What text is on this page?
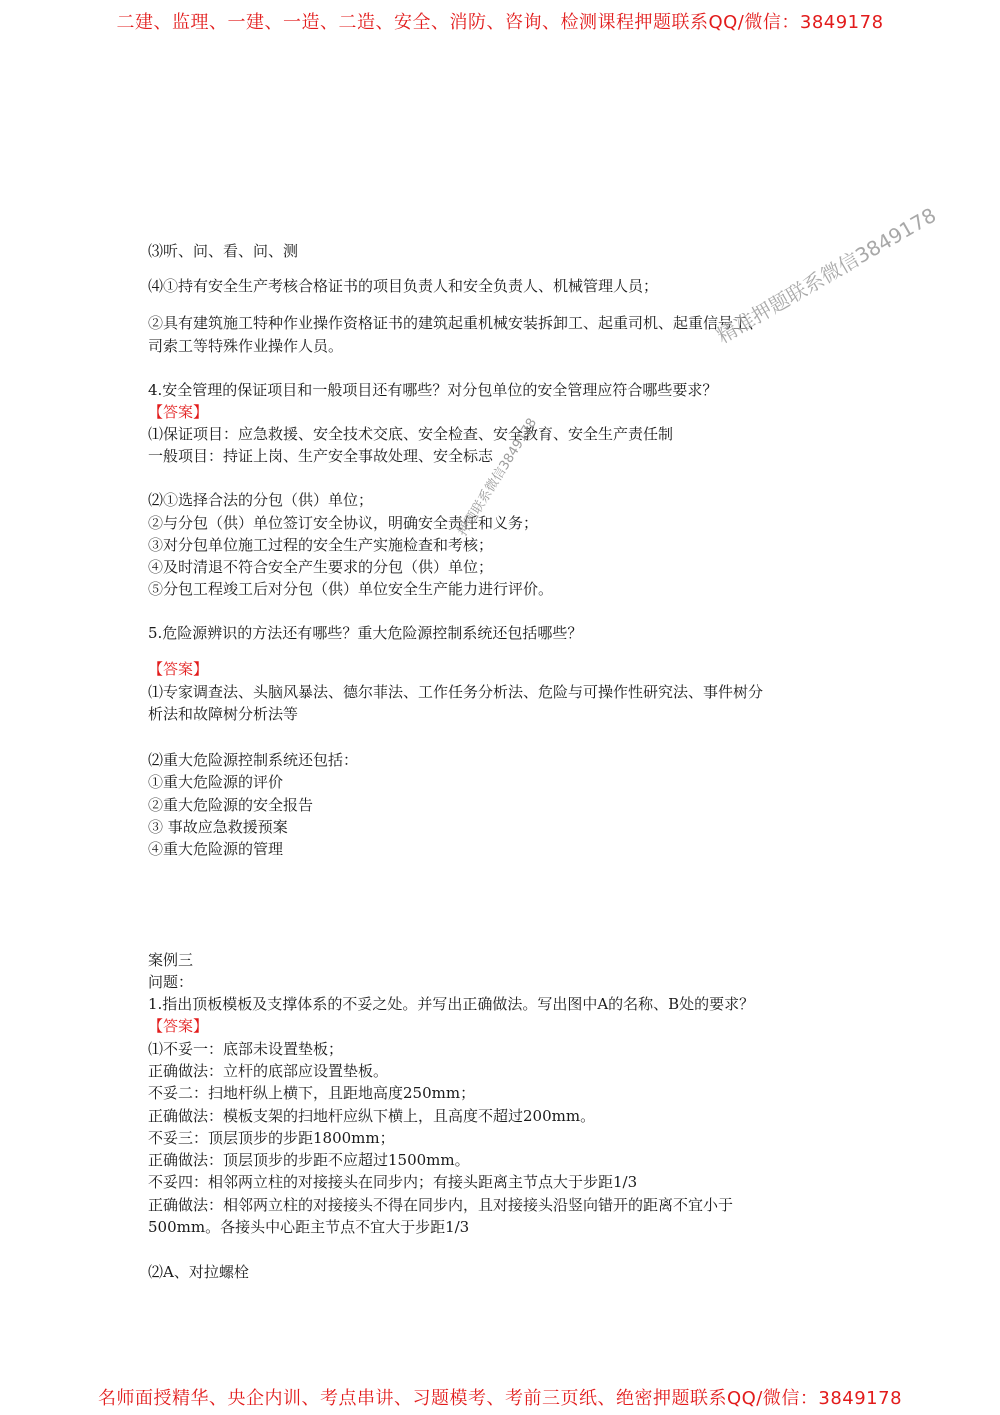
二建、监理、一建、一造、二造、安全、消防、咨询、检测课程押题联系QQ/微信：3849178
⑶听、问、看、问、测
⑷①持有安全生产考核合格证书的项目负责人和安全负责人、机械管理人员；
②具有建筑施工特种作业操作资格证书的建筑起重机械安装拆卸工、起重司机、起重信号工、
司索工等特殊作业操作人员。
4.安全管理的保证项目和一般项目还有哪些？对分包单位的安全管理应符合哪些要求？
【答案】
⑴保证项目：应急救援、安全技术交底、安全检查、安全教育、安全生产责任制
一般项目：持证上岗、生产安全事故处理、安全标志
⑵①选择合法的分包（供）单位；
②与分包（供）单位签订安全协议，明确安全责任和义务；
③对分包单位施工过程的安全生产实施检查和考核；
④及时清退不符合安全产生要求的分包（供）单位；
⑤分包工程竣工后对分包（供）单位安全生产能力进行评价。
5.危险源辨识的方法还有哪些？重大危险源控制系统还包括哪些？
【答案】
⑴专家调查法、头脑风暴法、德尔菲法、工作任务分析法、危险与可操作性研究法、事件树分
析法和故障树分析法等
⑵重大危险源控制系统还包括：
①重大危险源的评价
②重大危险源的安全报告
③ 事故应急救援预案
④重大危险源的管理
案例三
问题：
1.指出顶板模板及支撑体系的不妥之处。并写出正确做法。写出图中A的名称、B处的要求？
【答案】
⑴不妥一：底部未设置垫板；
正确做法：立杆的底部应设置垫板。
不妥二：扫地杆纵上横下，且距地高度250mm；
正确做法：模板支架的扫地杆应纵下横上，且高度不超过200mm。
不妥三：顶层顶步的步距1800mm；
正确做法：顶层顶步的步距不应超过1500mm。
不妥四：相邻两立柱的对接接头在同步内；有接头距离主节点大于步距1/3
正确做法：相邻两立柱的对接接头不得在同步内，且对接接头沿竖向错开的距离不宜小于
500mm。各接头中心距主节点不宜大于步距1/3
⑵A、对拉螺栓
精准押题联系微信3849178
押题联系微信3849178
名师面授精华、央企内训、考点串讲、习题模考、考前三页纸、绝密押题联系QQ/微信：3849178
